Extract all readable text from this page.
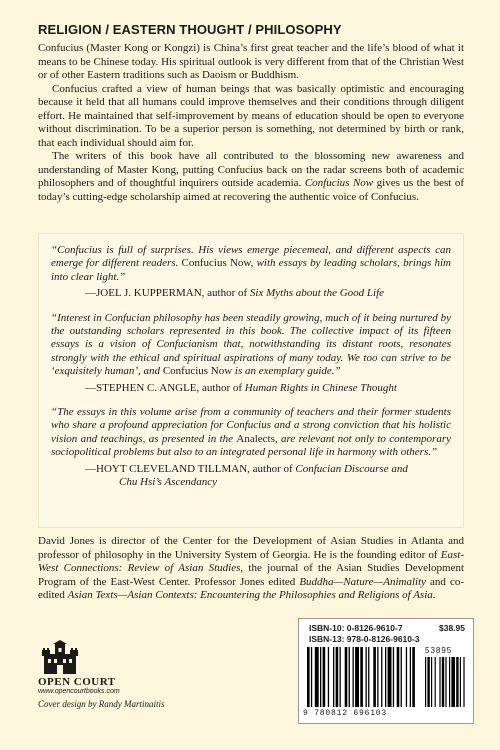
RELIGION / EASTERN THOUGHT / PHILOSOPHY

Confucius (Master Kong or Kongzi) is China’s first great teacher and the life’s blood of what it means to be Chinese today. His spiritual outlook is very different from that of the Christian West or of other Eastern traditions such as Daoism or Buddhism.

Confucius crafted a view of human beings that was basically optimistic and encouraging because it held that all humans could improve themselves and their conditions through diligent effort. He maintained that self-improvement by means of education should be open to everyone without discrimination. To be a superior person is something, not determined by birth or rank, that each individual should aim for.

The writers of this book have all contributed to the blossoming new awareness and understanding of Master Kong, putting Confucius back on the radar screens both of academic philosophers and of thoughtful inquirers outside academia. Confucius Now gives us the best of today’s cutting-edge scholarship aimed at recovering the authentic voice of Confucius.

“Confucius is full of surprises. His views emerge piecemeal, and different aspects can emerge for different readers. Confucius Now, with essays by leading scholars, brings him into clear light.”

—JOEL J. KUPPERMAN, author of Six Myths about the Good Life

“Interest in Confucian philosophy has been steadily growing, much of it being nurtured by the outstanding scholars represented in this book. The collective impact of its fifteen essays is a vision of Confucianism that, notwithstanding its distant roots, resonates strongly with the ethical and spiritual aspirations of many today. We too can strive to be ‘exquisitely human’, and Confucius Now is an exemplary guide.”

—STEPHEN C. ANGLE, author of Human Rights in Chinese Thought

“The essays in this volume arise from a community of teachers and their former students who share a profound appreciation for Confucius and a strong conviction that his holistic vision and teachings, as presented in the Analects, are relevant not only to contemporary sociopolitical problems but also to an integrated personal life in harmony with others.”

—HOYT CLEVELAND TILLMAN, author of Confucian Discourse and
Chu Hsi’s Ascendancy

David Jones is director of the Center for the Development of Asian Studies in Atlanta and professor of philosophy in the University System of Georgia. He is the founding editor of East-West Connections: Review of Asian Studies, the journal of the Asian Studies Development Program of the East-West Center. Professor Jones edited Buddha—Nature—Animality and co-edited Asian Texts—Asian Contexts: Encountering the Philosophies and Religions of Asia.

OPEN COURT
www.opencourtbooks.com
Cover design by Randy Martinaitis
ISBN-10: 0-8126-9610-7	$38.95
ISBN-13: 978-0-8126-9610-3
53895
9 780812 696103
